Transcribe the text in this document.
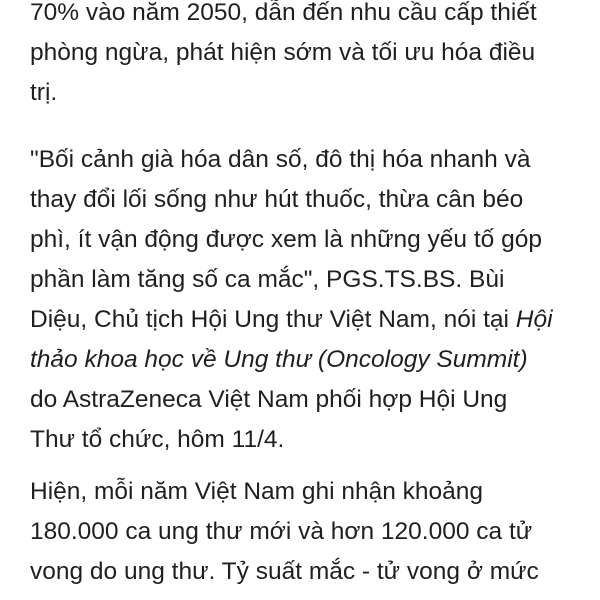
70% vào năm 2050, dẫn đến nhu cầu cấp thiết
phòng ngừa, phát hiện sớm và tối ưu hóa điều
trị.
"Bối cảnh già hóa dân số, đô thị hóa nhanh và
thay đổi lối sống như hút thuốc, thừa cân béo
phì, ít vận động được xem là những yếu tố góp
phần làm tăng số ca mắc", PGS.TS.BS. Bùi
Diệu, Chủ tịch Hội Ung thư Việt Nam, nói tại Hội
thảo khoa học về Ung thư (Oncology Summit)
do AstraZeneca Việt Nam phối hợp Hội Ung
Thư tổ chức, hôm 11/4.
Hiện, mỗi năm Việt Nam ghi nhận khoảng
180.000 ca ung thư mới và hơn 120.000 ca tử
vong do ung thư. Tỷ suất mắc - tử vong ở mức
